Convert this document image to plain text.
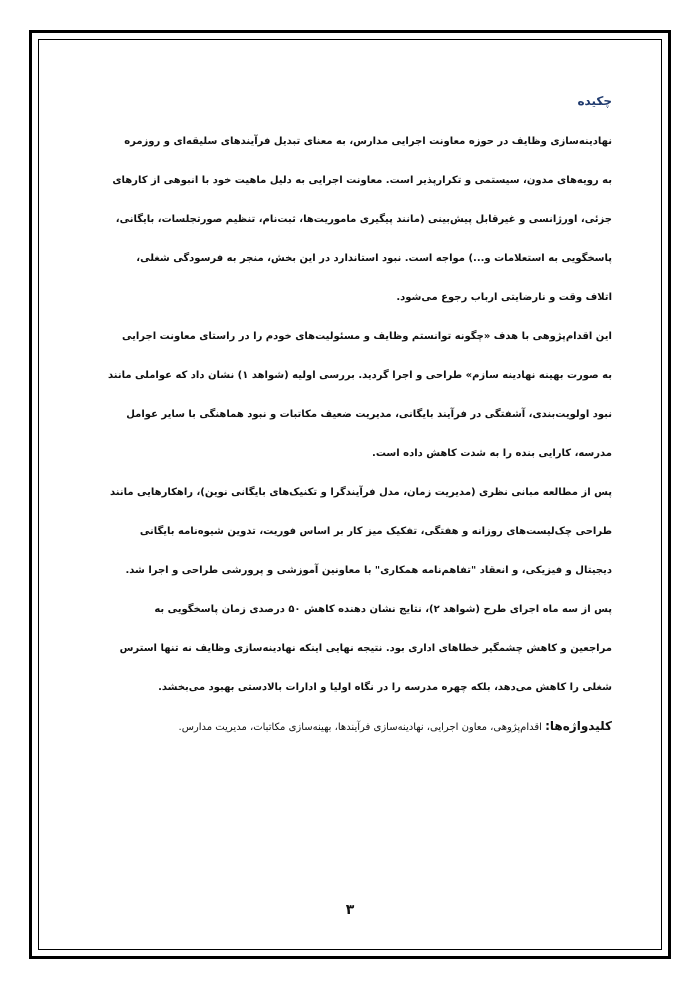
چکیده

نهادینه‌سازی وظایف در حوزه معاونت اجرایی مدارس، به معنای تبدیل فرآیندهای سلیقه‌ای و روزمره

به رویه‌های مدون، سیستمی و تکرارپذیر است. معاونت اجرایی به دلیل ماهیت خود با انبوهی از کارهای

جزئی، اورژانسی و غیرقابل پیش‌بینی (مانند پیگیری ماموریت‌ها، ثبت‌نام، تنظیم صورتجلسات، بایگانی،

پاسخگویی به استعلامات و...) مواجه است. نبود استاندارد در این بخش، منجر به فرسودگی شغلی،

اتلاف وقت و نارضایتی ارباب رجوع می‌شود.

این اقدام‌پژوهی با هدف «چگونه توانستم وظایف و مسئولیت‌های خودم را در راستای معاونت اجرایی

به صورت بهینه نهادینه سازم» طراحی و اجرا گردید. بررسی اولیه (شواهد ۱) نشان داد که عواملی مانند

نبود اولویت‌بندی، آشفتگی در فرآیند بایگانی، مدیریت ضعیف مکاتبات و نبود هماهنگی با سایر عوامل

مدرسه، کارایی بنده را به شدت کاهش داده است.

پس از مطالعه مبانی نظری (مدیریت زمان، مدل فرآیندگرا و تکنیک‌های بایگانی نوین)، راهکارهایی مانند

طراحی چک‌لیست‌های روزانه و هفتگی، تفکیک میز کار بر اساس فوریت، تدوین شیوه‌نامه بایگانی

دیجیتال و فیزیکی، و انعقاد "تفاهم‌نامه همکاری" با معاونین آموزشی و پرورشی طراحی و اجرا شد.

پس از سه ماه اجرای طرح (شواهد ۲)، نتایج نشان دهنده کاهش ۵۰ درصدی زمان پاسخگویی به

مراجعین و کاهش چشمگیر خطاهای اداری بود. نتیجه نهایی اینکه نهادینه‌سازی وظایف نه تنها استرس

شغلی را کاهش می‌دهد، بلکه چهره مدرسه را در نگاه اولیا و ادارات بالادستی بهبود می‌بخشد.

کلیدواژه‌ها: اقدام‌پژوهی، معاون اجرایی، نهادینه‌سازی فرآیندها، بهینه‌سازی مکاتبات، مدیریت مدارس.
۳
